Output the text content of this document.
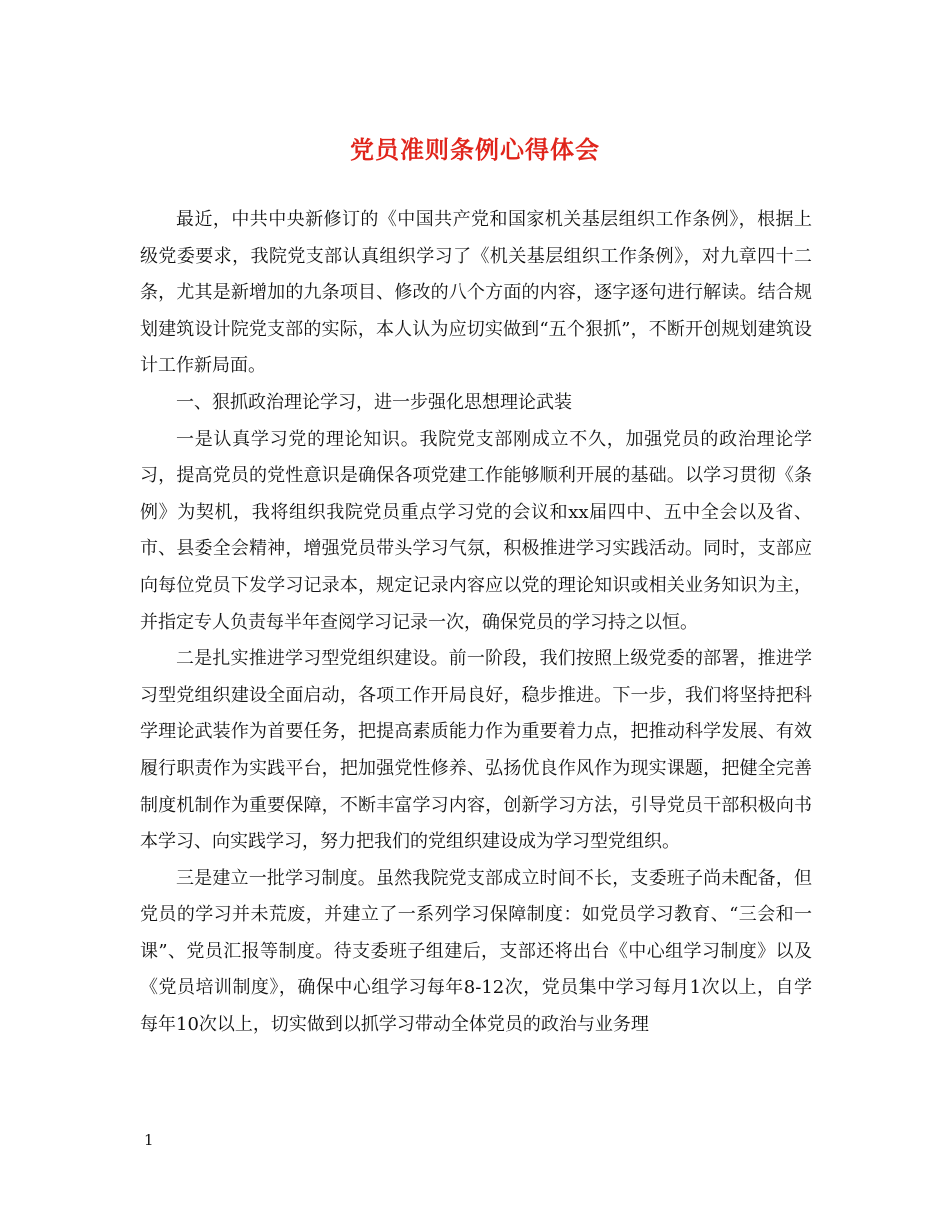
党员准则条例心得体会

最近，中共中央新修订的《中国共产党和国家机关基层组织工作条例》，根据上级党委要求，我院党支部认真组织学习了《机关基层组织工作条例》，对九章四十二条，尤其是新增加的九条项目、修改的八个方面的内容，逐字逐句进行解读。结合规划建筑设计院党支部的实际，本人认为应切实做到“五个狠抓”，不断开创规划建筑设计工作新局面。

一、狠抓政治理论学习，进一步强化思想理论武装

一是认真学习党的理论知识。我院党支部刚成立不久，加强党员的政治理论学习，提高党员的党性意识是确保各项党建工作能够顺利开展的基础。以学习贯彻《条例》为契机，我将组织我院党员重点学习党的会议和xx届四中、五中全会以及省、市、县委全会精神，增强党员带头学习气氛，积极推进学习实践活动。同时，支部应向每位党员下发学习记录本，规定记录内容应以党的理论知识或相关业务知识为主，并指定专人负责每半年查阅学习记录一次，确保党员的学习持之以恒。

二是扎实推进学习型党组织建设。前一阶段，我们按照上级党委的部署，推进学习型党组织建设全面启动，各项工作开局良好，稳步推进。下一步，我们将坚持把科学理论武装作为首要任务，把提高素质能力作为重要着力点，把推动科学发展、有效履行职责作为实践平台，把加强党性修养、弘扬优良作风作为现实课题，把健全完善制度机制作为重要保障，不断丰富学习内容，创新学习方法，引导党员干部积极向书本学习、向实践学习，努力把我们的党组织建设成为学习型党组织。

三是建立一批学习制度。虽然我院党支部成立时间不长，支委班子尚未配备，但党员的学习并未荒废，并建立了一系列学习保障制度：如党员学习教育、“三会和一课”、党员汇报等制度。待支委班子组建后，支部还将出台《中心组学习制度》以及《党员培训制度》，确保中心组学习每年8-12次，党员集中学习每月1次以上，自学每年10次以上，切实做到以抓学习带动全体党员的政治与业务理

1
